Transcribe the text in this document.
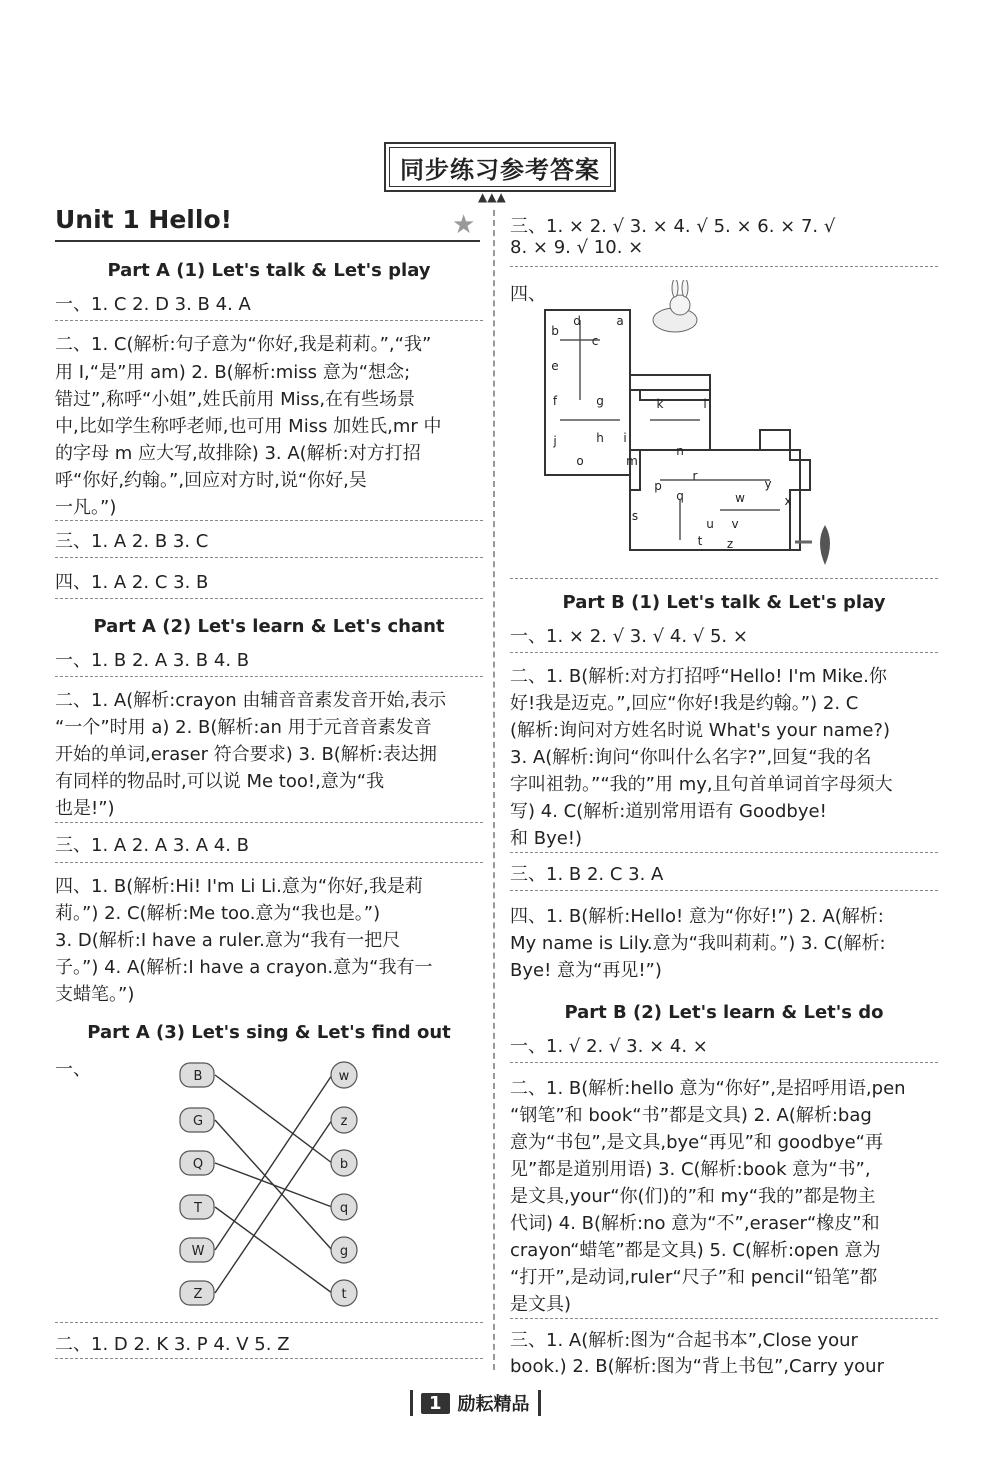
同步练习参考答案
▲▲▲
Unit 1 Hello!	★
Part A (1) Let's talk & Let's play
一、1. C 2. D 3. B 4. A
二、1. C(解析:句子意为“你好,我是莉莉。”,“我”
用 I,“是”用 am) 2. B(解析:miss 意为“想念;
错过”,称呼“小姐”,姓氏前用 Miss,在有些场景
中,比如学生称呼老师,也可用 Miss 加姓氏,mr 中
的字母 m 应大写,故排除) 3. A(解析:对方打招
呼“你好,约翰。”,回应对方时,说“你好,吴
一凡。”)
三、1. A 2. B 3. C
四、1. A 2. C 3. B
Part A (2) Let's learn & Let's chant
一、1. B 2. A 3. B 4. B
二、1. A(解析:crayon 由辅音音素发音开始,表示
“一个”时用 a) 2. B(解析:an 用于元音音素发音
开始的单词,eraser 符合要求) 3. B(解析:表达拥
有同样的物品时,可以说 Me too!,意为“我
也是!”)
三、1. A 2. A 3. A 4. B
四、1. B(解析:Hi! I'm Li Li.意为“你好,我是莉
莉。”) 2. C(解析:Me too.意为“我也是。”)
3. D(解析:I have a ruler.意为“我有一把尺
子。”) 4. A(解析:I have a crayon.意为“我有一
支蜡笔。”)
Part A (3) Let's sing & Let's find out
一、	B
G
Q
T
W
Z
w
z
b
q
g
t
二、1. D 2. K 3. P 4. V 5. Z
三、1. × 2. √ 3. × 4. √ 5. × 6. × 7. √
8. × 9. √ 10. ×
四、
d	a
b
c
e
f	g
j	h i
k	l
o	m
n
p
q
r
w
y
s
u v
x
t z
Part B (1) Let's talk & Let's play
一、1. × 2. √ 3. √ 4. √ 5. ×
二、1. B(解析:对方打招呼“Hello! I'm Mike.你
好!我是迈克。”,回应“你好!我是约翰。”) 2. C
(解析:询问对方姓名时说 What's your name?)
3. A(解析:询问“你叫什么名字?”,回复“我的名
字叫祖勃。”“我的”用 my,且句首单词首字母须大
写) 4. C(解析:道别常用语有 Goodbye!
和 Bye!)
三、1. B 2. C 3. A
四、1. B(解析:Hello! 意为“你好!”) 2. A(解析:
My name is Lily.意为“我叫莉莉。”) 3. C(解析:
Bye! 意为“再见!”)
Part B (2) Let's learn & Let's do
一、1. √ 2. √ 3. × 4. ×
二、1. B(解析:hello 意为“你好”,是招呼用语,pen
“钢笔”和 book“书”都是文具) 2. A(解析:bag
意为“书包”,是文具,bye“再见”和 goodbye“再
见”都是道别用语) 3. C(解析:book 意为“书”,
是文具,your“你(们)的”和 my“我的”都是物主
代词) 4. B(解析:no 意为“不”,eraser“橡皮”和
crayon“蜡笔”都是文具) 5. C(解析:open 意为
“打开”,是动词,ruler“尺子”和 pencil“铅笔”都
是文具)
三、1. A(解析:图为“合起书本”,Close your
book.) 2. B(解析:图为“背上书包”,Carry your
1 励耘精品
